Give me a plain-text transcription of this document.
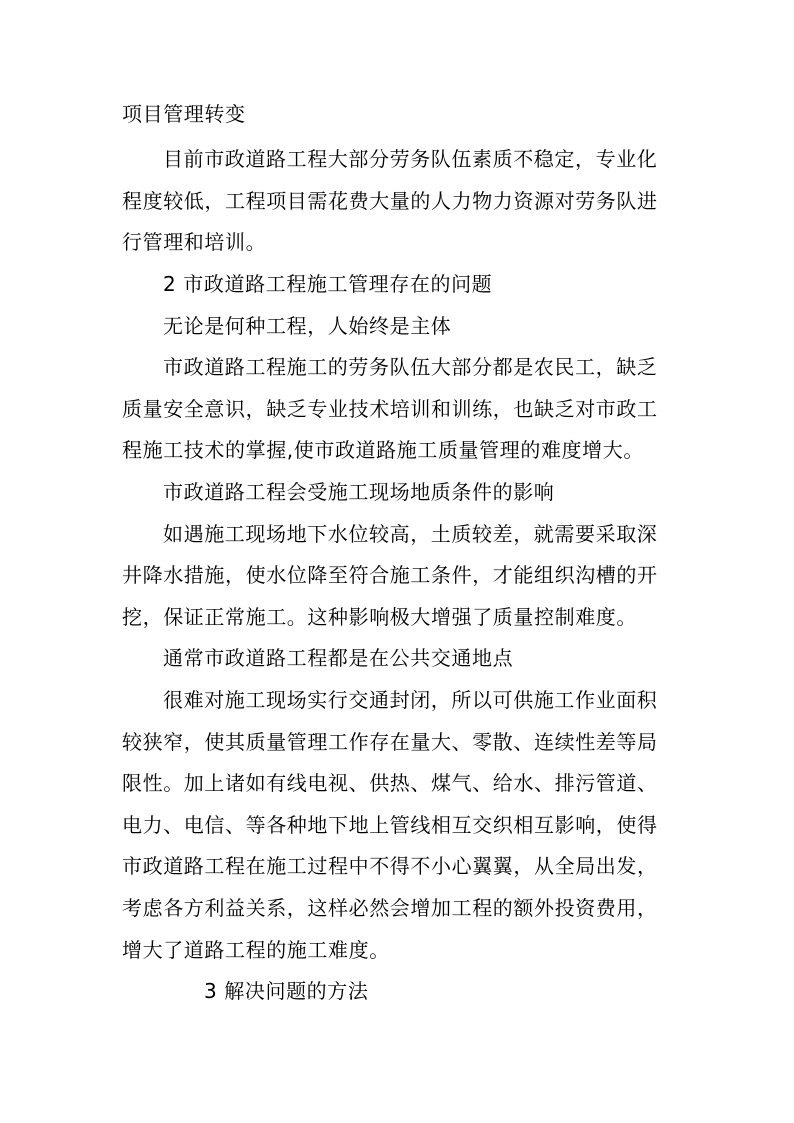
项目管理转变
目前市政道路工程大部分劳务队伍素质不稳定，专业化
程度较低，工程项目需花费大量的人力物力资源对劳务队进
行管理和培训。
2 市政道路工程施工管理存在的问题
无论是何种工程，人始终是主体
市政道路工程施工的劳务队伍大部分都是农民工，缺乏
质量安全意识，缺乏专业技术培训和训练，也缺乏对市政工
程施工技术的掌握,使市政道路施工质量管理的难度增大。
市政道路工程会受施工现场地质条件的影响
如遇施工现场地下水位较高，土质较差，就需要采取深
井降水措施，使水位降至符合施工条件，才能组织沟槽的开
挖，保证正常施工。这种影响极大增强了质量控制难度。
通常市政道路工程都是在公共交通地点
很难对施工现场实行交通封闭，所以可供施工作业面积
较狭窄，使其质量管理工作存在量大、零散、连续性差等局
限性。加上诸如有线电视、供热、煤气、给水、排污管道、
电力、电信、等各种地下地上管线相互交织相互影响，使得
市政道路工程在施工过程中不得不小心翼翼，从全局出发，
考虑各方利益关系，这样必然会增加工程的额外投资费用，
增大了道路工程的施工难度。
3 解决问题的方法
